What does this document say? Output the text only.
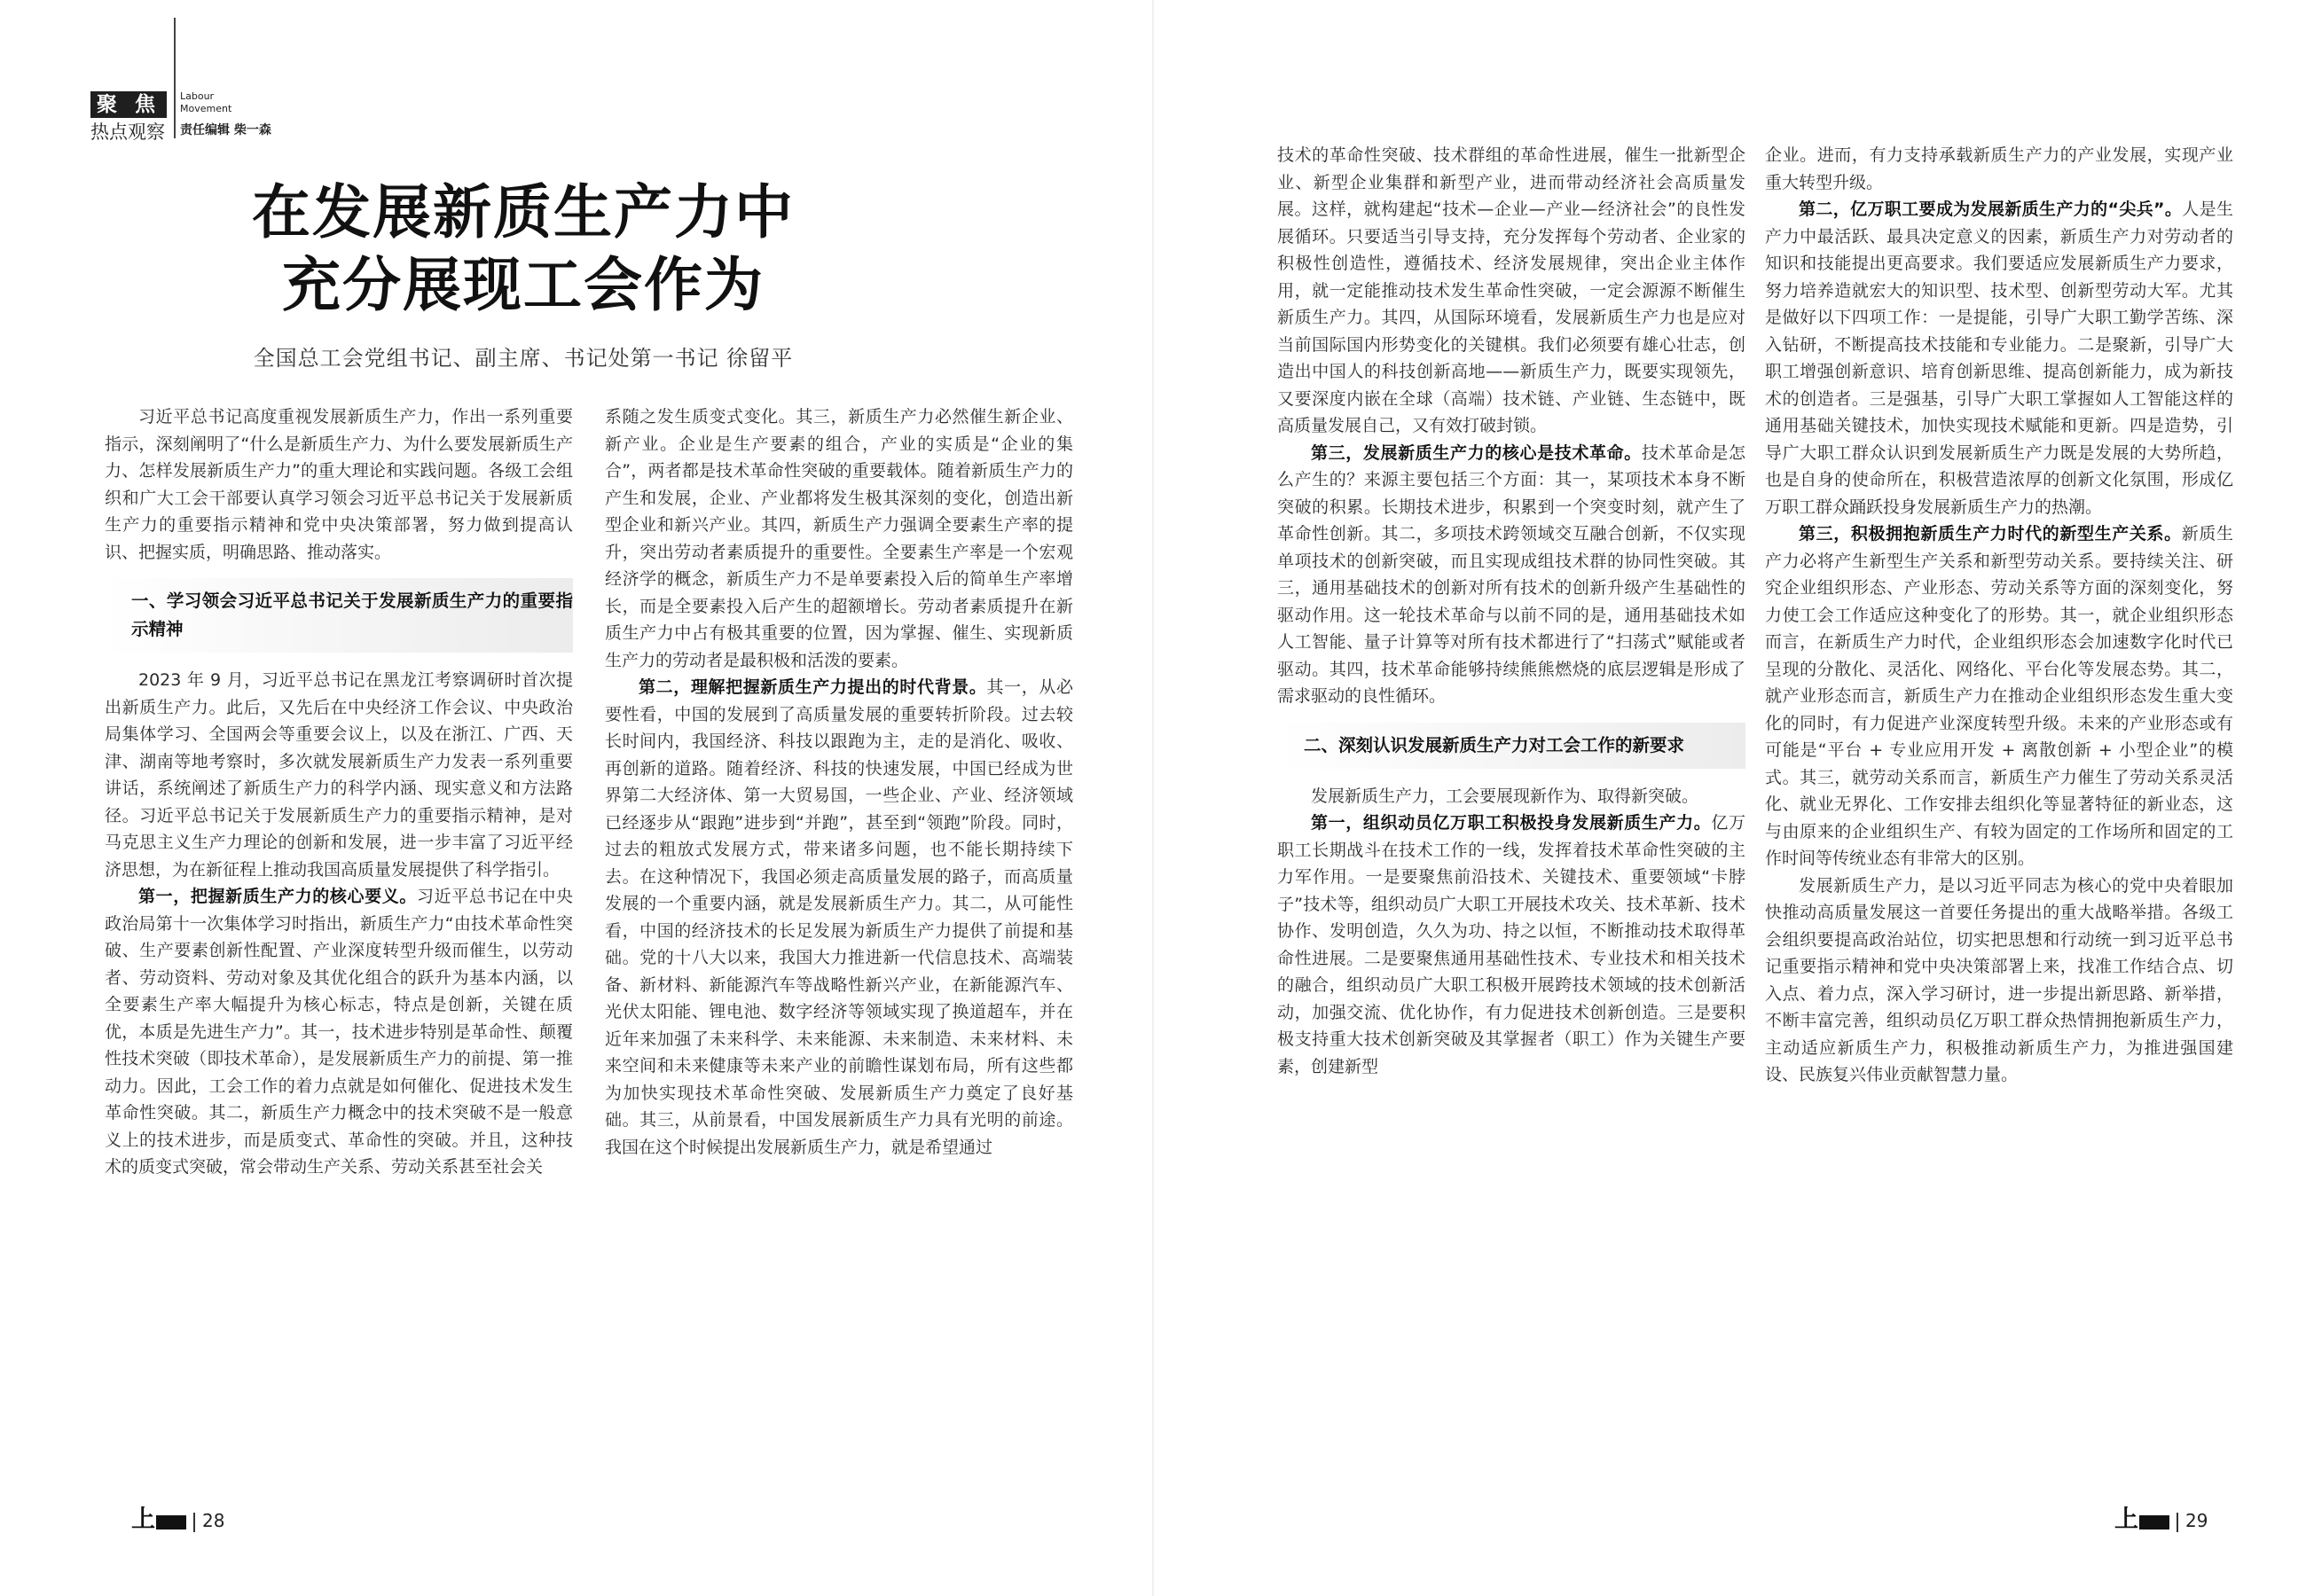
聚 焦
热点观察
Labour
Movement
责任编辑 柴一森
在发展新质生产力中
充分展现工会作为
全国总工会党组书记、副主席、书记处第一书记 徐留平

习近平总书记高度重视发展新质生产力，作出一系列重要指示，深刻阐明了“什么是新质生产力、为什么要发展新质生产力、怎样发展新质生产力”的重大理论和实践问题。各级工会组织和广大工会干部要认真学习领会习近平总书记关于发展新质生产力的重要指示精神和党中央决策部署，努力做到提高认识、把握实质，明确思路、推动落实。

一、学习领会习近平总书记关于发展新质生产力的重要指示精神

2023 年 9 月，习近平总书记在黑龙江考察调研时首次提出新质生产力。此后，又先后在中央经济工作会议、中央政治局集体学习、全国两会等重要会议上，以及在浙江、广西、天津、湖南等地考察时，多次就发展新质生产力发表一系列重要讲话，系统阐述了新质生产力的科学内涵、现实意义和方法路径。习近平总书记关于发展新质生产力的重要指示精神，是对马克思主义生产力理论的创新和发展，进一步丰富了习近平经济思想，为在新征程上推动我国高质量发展提供了科学指引。

第一，把握新质生产力的核心要义。习近平总书记在中央政治局第十一次集体学习时指出，新质生产力“由技术革命性突破、生产要素创新性配置、产业深度转型升级而催生，以劳动者、劳动资料、劳动对象及其优化组合的跃升为基本内涵，以全要素生产率大幅提升为核心标志，特点是创新，关键在质优，本质是先进生产力”。其一，技术进步特别是革命性、颠覆性技术突破（即技术革命），是发展新质生产力的前提、第一推动力。因此，工会工作的着力点就是如何催化、促进技术发生革命性突破。其二，新质生产力概念中的技术突破不是一般意义上的技术进步，而是质变式、革命性的突破。并且，这种技术的质变式突破，常会带动生产关系、劳动关系甚至社会关

系随之发生质变式变化。其三，新质生产力必然催生新企业、新产业。企业是生产要素的组合，产业的实质是“企业的集合”，两者都是技术革命性突破的重要载体。随着新质生产力的产生和发展，企业、产业都将发生极其深刻的变化，创造出新型企业和新兴产业。其四，新质生产力强调全要素生产率的提升，突出劳动者素质提升的重要性。全要素生产率是一个宏观经济学的概念，新质生产力不是单要素投入后的简单生产率增长，而是全要素投入后产生的超额增长。劳动者素质提升在新质生产力中占有极其重要的位置，因为掌握、催生、实现新质生产力的劳动者是最积极和活泼的要素。

第二，理解把握新质生产力提出的时代背景。其一，从必要性看，中国的发展到了高质量发展的重要转折阶段。过去较长时间内，我国经济、科技以跟跑为主，走的是消化、吸收、再创新的道路。随着经济、科技的快速发展，中国已经成为世界第二大经济体、第一大贸易国，一些企业、产业、经济领域已经逐步从“跟跑”进步到“并跑”，甚至到“领跑”阶段。同时，过去的粗放式发展方式，带来诸多问题，也不能长期持续下去。在这种情况下，我国必须走高质量发展的路子，而高质量发展的一个重要内涵，就是发展新质生产力。其二，从可能性看，中国的经济技术的长足发展为新质生产力提供了前提和基础。党的十八大以来，我国大力推进新一代信息技术、高端装备、新材料、新能源汽车等战略性新兴产业，在新能源汽车、光伏太阳能、锂电池、数字经济等领域实现了换道超车，并在近年来加强了未来科学、未来能源、未来制造、未来材料、未来空间和未来健康等未来产业的前瞻性谋划布局，所有这些都为加快实现技术革命性突破、发展新质生产力奠定了良好基础。其三，从前景看，中国发展新质生产力具有光明的前途。我国在这个时候提出发展新质生产力，就是希望通过

技术的革命性突破、技术群组的革命性进展，催生一批新型企业、新型企业集群和新型产业，进而带动经济社会高质量发展。这样，就构建起“技术—企业—产业—经济社会”的良性发展循环。只要适当引导支持，充分发挥每个劳动者、企业家的积极性创造性，遵循技术、经济发展规律，突出企业主体作用，就一定能推动技术发生革命性突破，一定会源源不断催生新质生产力。其四，从国际环境看，发展新质生产力也是应对当前国际国内形势变化的关键棋。我们必须要有雄心壮志，创造出中国人的科技创新高地——新质生产力，既要实现领先，又要深度内嵌在全球（高端）技术链、产业链、生态链中，既高质量发展自己，又有效打破封锁。

第三，发展新质生产力的核心是技术革命。技术革命是怎么产生的？来源主要包括三个方面：其一，某项技术本身不断突破的积累。长期技术进步，积累到一个突变时刻，就产生了革命性创新。其二，多项技术跨领域交互融合创新，不仅实现单项技术的创新突破，而且实现成组技术群的协同性突破。其三，通用基础技术的创新对所有技术的创新升级产生基础性的驱动作用。这一轮技术革命与以前不同的是，通用基础技术如人工智能、量子计算等对所有技术都进行了“扫荡式”赋能或者驱动。其四，技术革命能够持续熊熊燃烧的底层逻辑是形成了需求驱动的良性循环。

二、深刻认识发展新质生产力对工会工作的新要求

发展新质生产力，工会要展现新作为、取得新突破。

第一，组织动员亿万职工积极投身发展新质生产力。亿万职工长期战斗在技术工作的一线，发挥着技术革命性突破的主力军作用。一是要聚焦前沿技术、关键技术、重要领域“卡脖子”技术等，组织动员广大职工开展技术攻关、技术革新、技术协作、发明创造，久久为功、持之以恒，不断推动技术取得革命性进展。二是要聚焦通用基础性技术、专业技术和相关技术的融合，组织动员广大职工积极开展跨技术领域的技术创新活动，加强交流、优化协作，有力促进技术创新创造。三是要积极支持重大技术创新突破及其掌握者（职工）作为关键生产要素，创建新型

企业。进而，有力支持承载新质生产力的产业发展，实现产业重大转型升级。

第二，亿万职工要成为发展新质生产力的“尖兵”。人是生产力中最活跃、最具决定意义的因素，新质生产力对劳动者的知识和技能提出更高要求。我们要适应发展新质生产力要求，努力培养造就宏大的知识型、技术型、创新型劳动大军。尤其是做好以下四项工作：一是提能，引导广大职工勤学苦练、深入钻研，不断提高技术技能和专业能力。二是聚新，引导广大职工增强创新意识、培育创新思维、提高创新能力，成为新技术的创造者。三是强基，引导广大职工掌握如人工智能这样的通用基础关键技术，加快实现技术赋能和更新。四是造势，引导广大职工群众认识到发展新质生产力既是发展的大势所趋，也是自身的使命所在，积极营造浓厚的创新文化氛围，形成亿万职工群众踊跃投身发展新质生产力的热潮。

第三，积极拥抱新质生产力时代的新型生产关系。新质生产力必将产生新型生产关系和新型劳动关系。要持续关注、研究企业组织形态、产业形态、劳动关系等方面的深刻变化，努力使工会工作适应这种变化了的形势。其一，就企业组织形态而言，在新质生产力时代，企业组织形态会加速数字化时代已呈现的分散化、灵活化、网络化、平台化等发展态势。其二，就产业形态而言，新质生产力在推动企业组织形态发生重大变化的同时，有力促进产业深度转型升级。未来的产业形态或有可能是“平台 + 专业应用开发 + 离散创新 + 小型企业”的模式。其三，就劳动关系而言，新质生产力催生了劳动关系灵活化、就业无界化、工作安排去组织化等显著特征的新业态，这与由原来的企业组织生产、有较为固定的工作场所和固定的工作时间等传统业态有非常大的区别。

发展新质生产力，是以习近平同志为核心的党中央着眼加快推动高质量发展这一首要任务提出的重大战略举措。各级工会组织要提高政治站位，切实把思想和行动统一到习近平总书记重要指示精神和党中央决策部署上来，找准工作结合点、切入点、着力点，深入学习研讨，进一步提出新思路、新举措，不断丰富完善，组织动员亿万职工群众热情拥抱新质生产力，主动适应新质生产力，积极推动新质生产力，为推进强国建设、民族复兴伟业贡献智慧力量。

上	28	上	29
